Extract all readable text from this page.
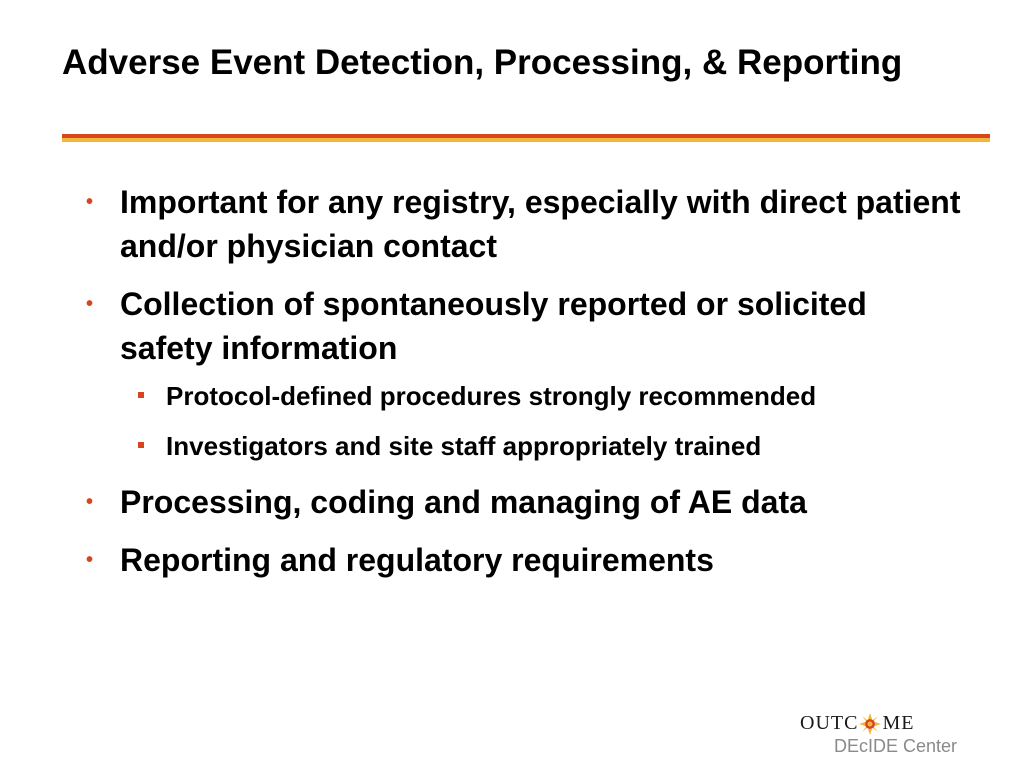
Adverse Event Detection, Processing, & Reporting
• Important for any registry, especially with direct patient and/or physician contact
• Collection of spontaneously reported or solicited safety information
Protocol-defined procedures strongly recommended
Investigators and site staff appropriately trained
• Processing, coding and managing of AE data
• Reporting and regulatory requirements
OUTC ME
DEcIDE Center
